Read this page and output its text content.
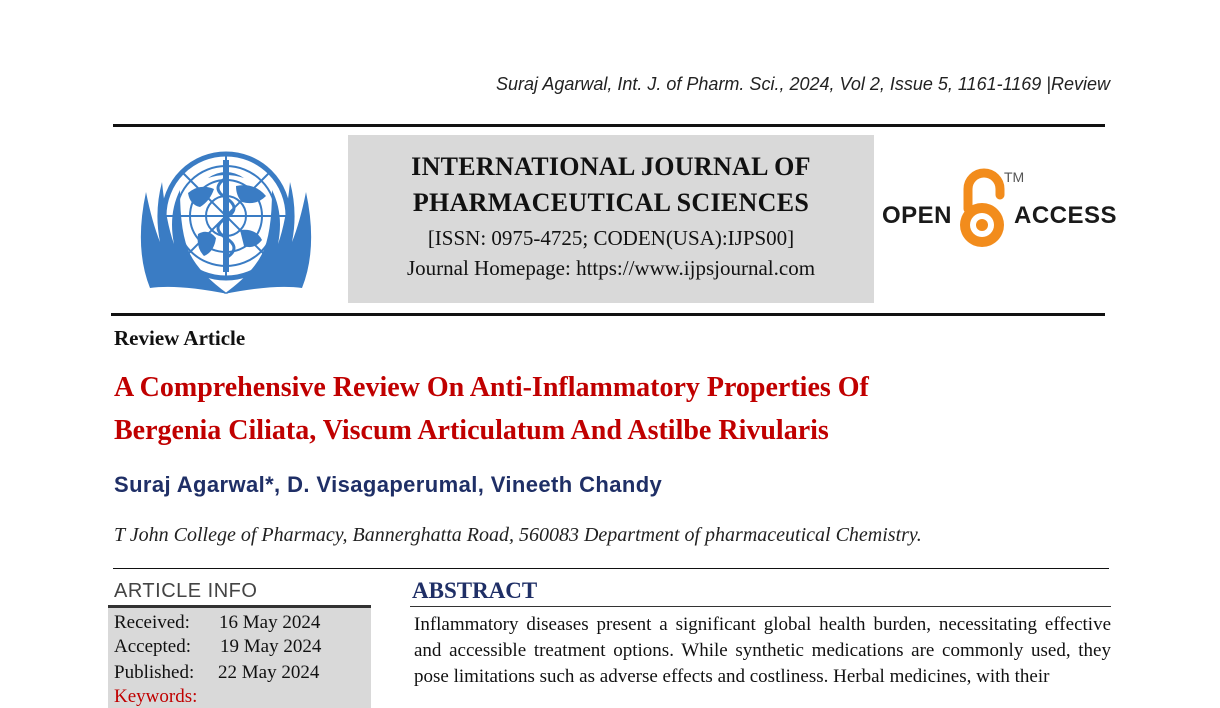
Suraj Agarwal, Int. J. of Pharm. Sci., 2024, Vol 2, Issue 5, 1161-1169 |Review
INTERNATIONAL JOURNAL OF
PHARMACEUTICAL SCIENCES
[ISSN: 0975-4725; CODEN(USA):IJPS00]
Journal Homepage: https://www.ijpsjournal.com
OPEN
TM
ACCESS
Review Article
A Comprehensive Review On Anti-Inflammatory Properties Of
Bergenia Ciliata, Viscum Articulatum And Astilbe Rivularis
Suraj Agarwal*, D. Visagaperumal, Vineeth Chandy
T John College of Pharmacy, Bannerghatta Road, 560083 Department of pharmaceutical Chemistry.
ARTICLE INFO
Received: 16 May 2024
Accepted: 19 May 2024
Published: 22 May 2024
Keywords:
ABSTRACT
Inflammatory diseases present a significant global health burden, necessitating effective and accessible treatment options. While synthetic medications are commonly used, they pose limitations such as adverse effects and costliness. Herbal medicines, with their
